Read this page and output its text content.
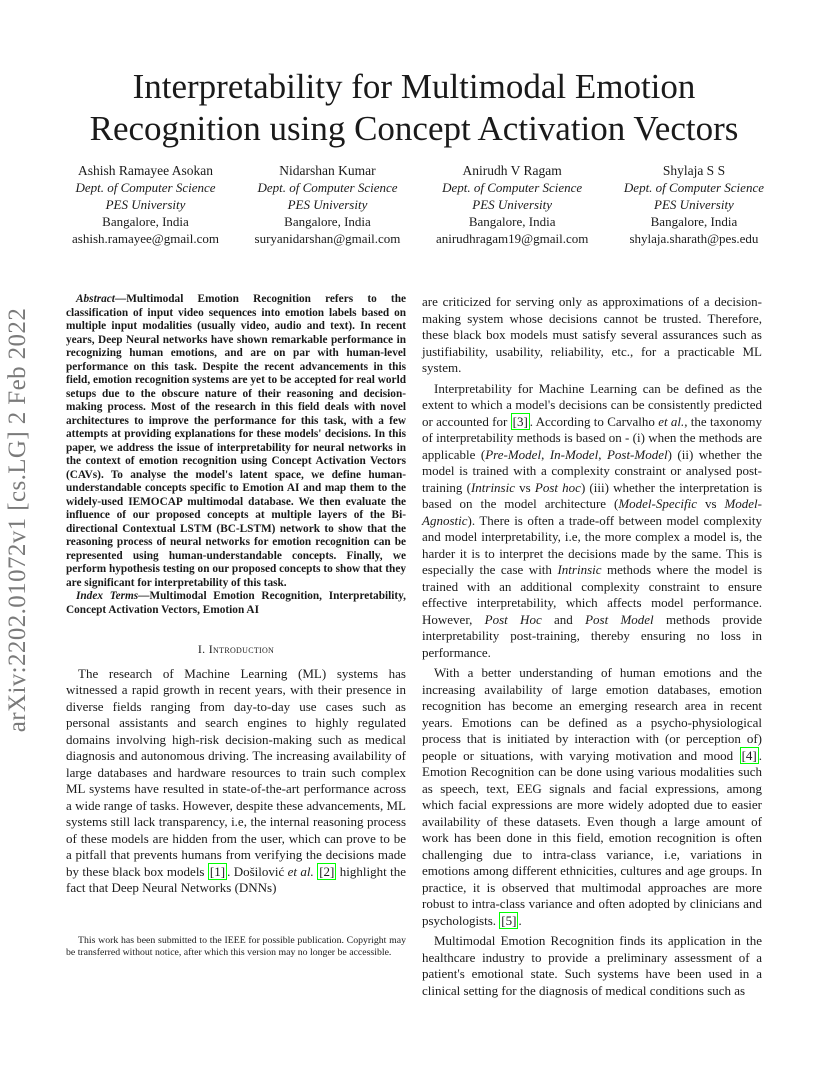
Interpretability for Multimodal Emotion
Recognition using Concept Activation Vectors
Ashish Ramayee Asokan
Dept. of Computer Science
PES University
Bangalore, India
ashish.ramayee@gmail.com
Nidarshan Kumar
Dept. of Computer Science
PES University
Bangalore, India
suryanidarshan@gmail.com
Anirudh V Ragam
Dept. of Computer Science
PES University
Bangalore, India
anirudhragam19@gmail.com
Shylaja S S
Dept. of Computer Science
PES University
Bangalore, India
shylaja.sharath@pes.edu
arXiv:2202.01072v1 [cs.LG] 2 Feb 2022

Abstract—Multimodal Emotion Recognition refers to the classification of input video sequences into emotion labels based on multiple input modalities (usually video, audio and text). In recent years, Deep Neural networks have shown remarkable performance in recognizing human emotions, and are on par with human-level performance on this task. Despite the recent advancements in this field, emotion recognition systems are yet to be accepted for real world setups due to the obscure nature of their reasoning and decision-making process. Most of the research in this field deals with novel architectures to improve the performance for this task, with a few attempts at providing explanations for these models' decisions. In this paper, we address the issue of interpretability for neural networks in the context of emotion recognition using Concept Activation Vectors (CAVs). To analyse the model's latent space, we define human-understandable concepts specific to Emotion AI and map them to the widely-used IEMOCAP multimodal database. We then evaluate the influence of our proposed concepts at multiple layers of the Bi-directional Contextual LSTM (BC-LSTM) network to show that the reasoning process of neural networks for emotion recognition can be represented using human-understandable concepts. Finally, we perform hypothesis testing on our proposed concepts to show that they are significant for interpretability of this task.

Index Terms—Multimodal Emotion Recognition, Interpretability, Concept Activation Vectors, Emotion AI

I. Introduction

The research of Machine Learning (ML) systems has witnessed a rapid growth in recent years, with their presence in diverse fields ranging from day-to-day use cases such as personal assistants and search engines to highly regulated domains involving high-risk decision-making such as medical diagnosis and autonomous driving. The increasing availability of large databases and hardware resources to train such complex ML systems have resulted in state-of-the-art performance across a wide range of tasks. However, despite these advancements, ML systems still lack transparency, i.e, the internal reasoning process of these models are hidden from the user, which can prove to be a pitfall that prevents humans from verifying the decisions made by these black box models [1] . Došilović et al. [2] highlight the fact that Deep Neural Networks (DNNs)

This work has been submitted to the IEEE for possible publication. Copyright may be transferred without notice, after which this version may no longer be accessible.

are criticized for serving only as approximations of a decision-making system whose decisions cannot be trusted. Therefore, these black box models must satisfy several assurances such as justifiability, usability, reliability, etc., for a practicable ML system.

Interpretability for Machine Learning can be defined as the extent to which a model's decisions can be consistently predicted or accounted for [3] . According to Carvalho et al., the taxonomy of interpretability methods is based on - (i) when the methods are applicable (Pre-Model, In-Model, Post-Model) (ii) whether the model is trained with a complexity constraint or analysed post-training (Intrinsic vs Post hoc) (iii) whether the interpretation is based on the model architecture (Model-Specific vs Model-Agnostic). There is often a trade-off between model complexity and model interpretability, i.e, the more complex a model is, the harder it is to interpret the decisions made by the same. This is especially the case with Intrinsic methods where the model is trained with an additional complexity constraint to ensure effective interpretability, which affects model performance. However, Post Hoc and Post Model methods provide interpretability post-training, thereby ensuring no loss in performance.

With a better understanding of human emotions and the increasing availability of large emotion databases, emotion recognition has become an emerging research area in recent years. Emotions can be defined as a psycho-physiological process that is initiated by interaction with (or perception of) people or situations, with varying motivation and mood [4] . Emotion Recognition can be done using various modalities such as speech, text, EEG signals and facial expressions, among which facial expressions are more widely adopted due to easier availability of these datasets. Even though a large amount of work has been done in this field, emotion recognition is often challenging due to intra-class variance, i.e, variations in emotions among different ethnicities, cultures and age groups. In practice, it is observed that multimodal approaches are more robust to intra-class variance and often adopted by clinicians and psychologists. [5] .

Multimodal Emotion Recognition finds its application in the healthcare industry to provide a preliminary assessment of a patient's emotional state. Such systems have been used in a clinical setting for the diagnosis of medical conditions such as
